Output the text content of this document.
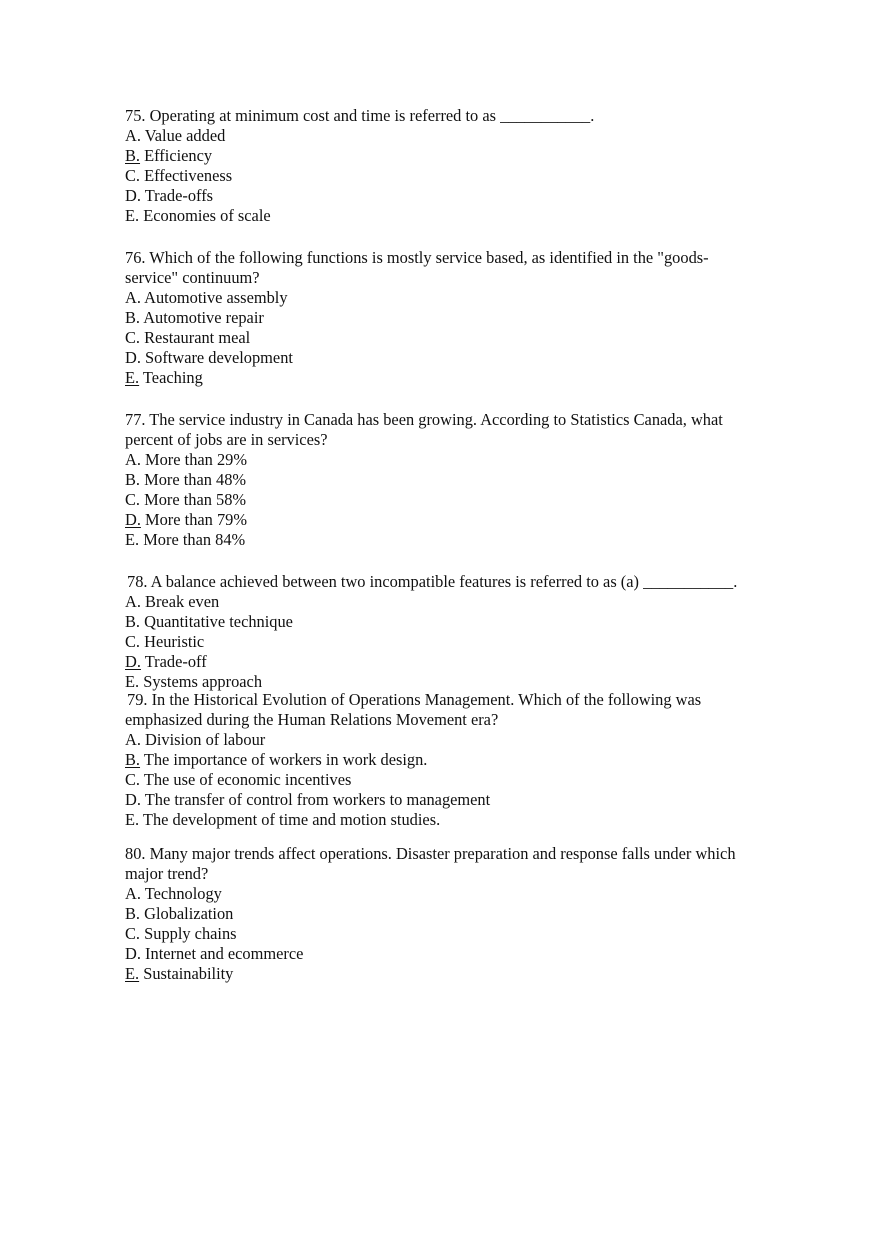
75. Operating at minimum cost and time is referred to as ___________.
A. Value added
B. Efficiency
C. Effectiveness
D. Trade-offs
E. Economies of scale
76. Which of the following functions is mostly service based, as identified in the "goods-
service" continuum?
A. Automotive assembly
B. Automotive repair
C. Restaurant meal
D. Software development
E. Teaching
77. The service industry in Canada has been growing. According to Statistics Canada, what
percent of jobs are in services?
A. More than 29%
B. More than 48%
C. More than 58%
D. More than 79%
E. More than 84%
78. A balance achieved between two incompatible features is referred to as (a) ___________.
A. Break even
B. Quantitative technique
C. Heuristic
D. Trade-off
E. Systems approach
79. In the Historical Evolution of Operations Management. Which of the following was
emphasized during the Human Relations Movement era?
A. Division of labour
B. The importance of workers in work design.
C. The use of economic incentives
D. The transfer of control from workers to management
E. The development of time and motion studies.
80. Many major trends affect operations. Disaster preparation and response falls under which
major trend?
A. Technology
B. Globalization
C. Supply chains
D. Internet and ecommerce
E. Sustainability
